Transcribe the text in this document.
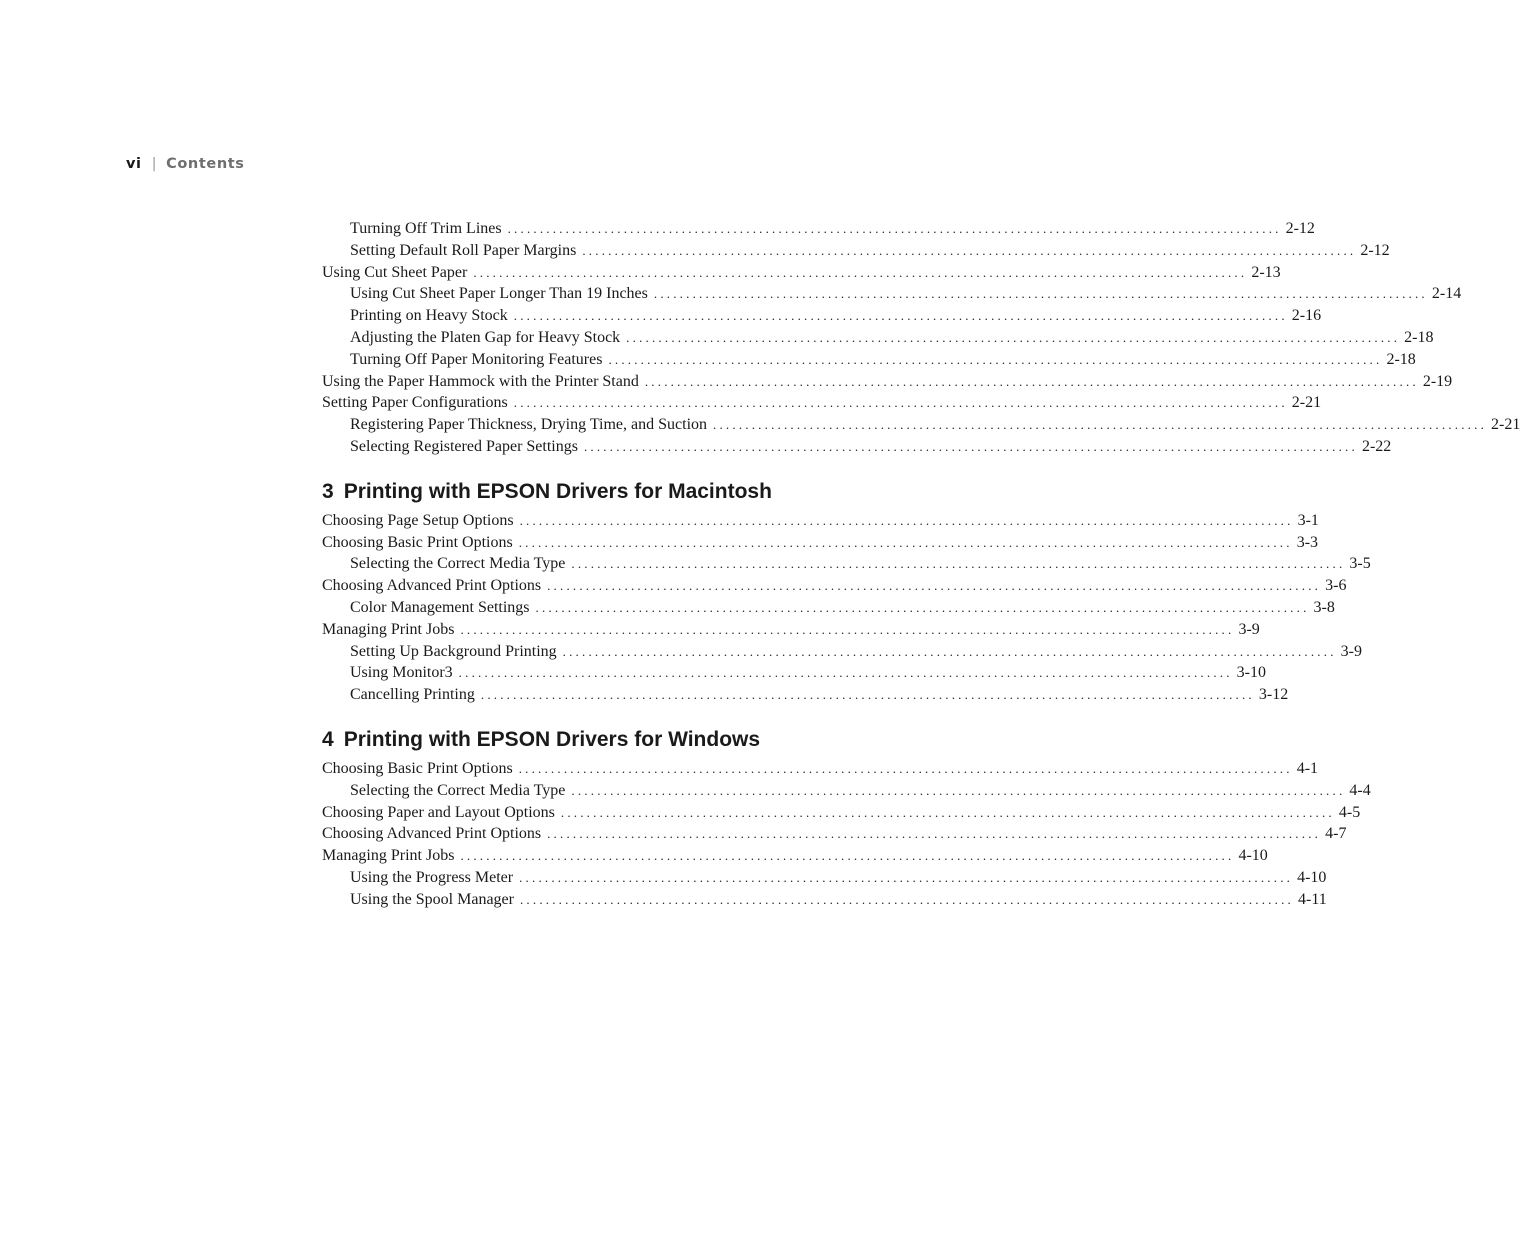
vi | Contents
Turning Off Trim Lines ........................................................................................................................ 2-12
Setting Default Roll Paper Margins ........................................................................................................................ 2-12
Using Cut Sheet Paper ........................................................................................................................ 2-13
Using Cut Sheet Paper Longer Than 19 Inches ........................................................................................................................ 2-14
Printing on Heavy Stock ........................................................................................................................ 2-16
Adjusting the Platen Gap for Heavy Stock ........................................................................................................................ 2-18
Turning Off Paper Monitoring Features ........................................................................................................................ 2-18
Using the Paper Hammock with the Printer Stand ........................................................................................................................ 2-19
Setting Paper Configurations ........................................................................................................................ 2-21
Registering Paper Thickness, Drying Time, and Suction ........................................................................................................................ 2-21
Selecting Registered Paper Settings ........................................................................................................................ 2-22
3 Printing with EPSON Drivers for Macintosh
Choosing Page Setup Options ........................................................................................................................ 3-1
Choosing Basic Print Options ........................................................................................................................ 3-3
Selecting the Correct Media Type ........................................................................................................................ 3-5
Choosing Advanced Print Options ........................................................................................................................ 3-6
Color Management Settings ........................................................................................................................ 3-8
Managing Print Jobs ........................................................................................................................ 3-9
Setting Up Background Printing ........................................................................................................................ 3-9
Using Monitor3 ........................................................................................................................ 3-10
Cancelling Printing ........................................................................................................................ 3-12
4 Printing with EPSON Drivers for Windows
Choosing Basic Print Options ........................................................................................................................ 4-1
Selecting the Correct Media Type ........................................................................................................................ 4-4
Choosing Paper and Layout Options ........................................................................................................................ 4-5
Choosing Advanced Print Options ........................................................................................................................ 4-7
Managing Print Jobs ........................................................................................................................ 4-10
Using the Progress Meter ........................................................................................................................ 4-10
Using the Spool Manager ........................................................................................................................ 4-11
